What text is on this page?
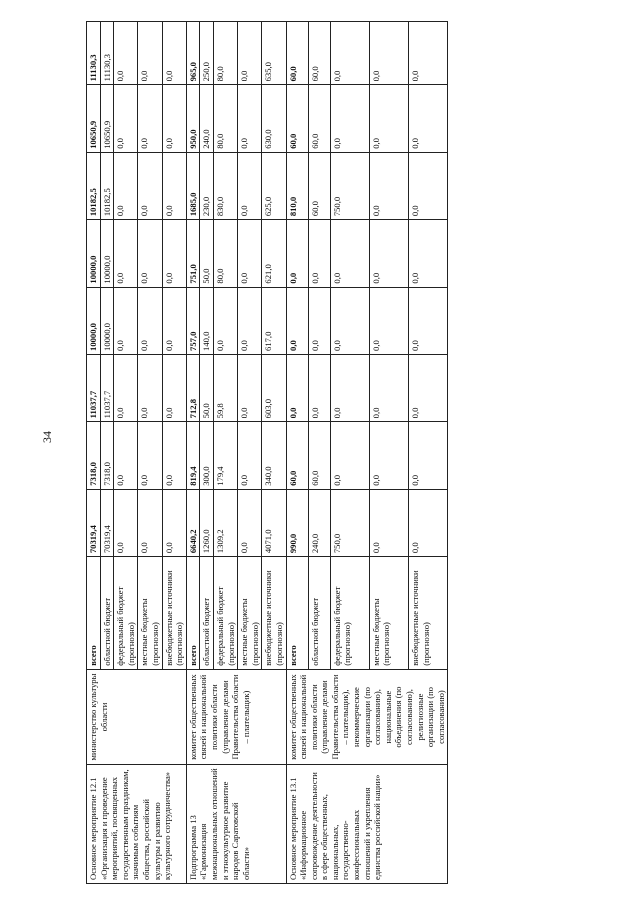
34
Основное мероприятие 12.1 «Организация и проведение мероприятий, посвященных государственным праздникам, значимым событиям общества, российской культуры и развитию культурного сотрудничества»	министерство культуры области	всего	70319,4	7318,0	11037,7	10000,0	10000,0	10182,5	10650,9	11130,3
		областной бюджет	70319,4	7318,0	11037,7	10000,0	10000,0	10182,5	10650,9	11130,3
		федеральный бюджет (прогнозно)	0,0	0,0	0,0	0,0	0,0	0,0	0,0	0,0
		местные бюджеты (прогнозно)	0,0	0,0	0,0	0,0	0,0	0,0	0,0	0,0
		внебюджетные источники (прогнозно)	0,0	0,0	0,0	0,0	0,0	0,0	0,0	0,0
Подпрограмма 13 «Гармонизация межнациональных отношений и этнокультурное развитие народов Саратовской области»	комитет общественных связей и национальной политики области (управление делами Правительства области – плательщик)	всего	6640,2	819,4	712,8	757,0	751,0	1685,0	950,0	965,0
		областной бюджет	1260,0	300,0	50,0	140,0	50,0	230,0	240,0	250,0
		федеральный бюджет (прогнозно)	1309,2	179,4	59,8	0,0	80,0	830,0	80,0	80,0
		местные бюджеты (прогнозно)	0,0	0,0	0,0	0,0	0,0	0,0	0,0	0,0
		внебюджетные источники (прогнозно)	4071,0	340,0	603,0	617,0	621,0	625,0	630,0	635,0
Основное мероприятие 13.1 «Информационное сопровождение деятельности в сфере общественных, национальных, государственно-конфессиональных отношений и укрепления единства российской нации»	комитет общественных связей и национальной политики области (управление делами Правительства области – плательщик), некоммерческие организации (по согласованию), национальные объединения (по согласованию), религиозные организации (по согласованию)	всего	990,0	60,0	0,0	0,0	0,0	810,0	60,0	60,0
		областной бюджет	240,0	60,0	0,0	0,0	0,0	60,0	60,0	60,0
		федеральный бюджет (прогнозно)	750,0	0,0	0,0	0,0	0,0	750,0	0,0	0,0
		местные бюджеты (прогнозно)	0,0	0,0	0,0	0,0	0,0	0,0	0,0	0,0
		внебюджетные источники (прогнозно)	0,0	0,0	0,0	0,0	0,0	0,0	0,0	0,0
